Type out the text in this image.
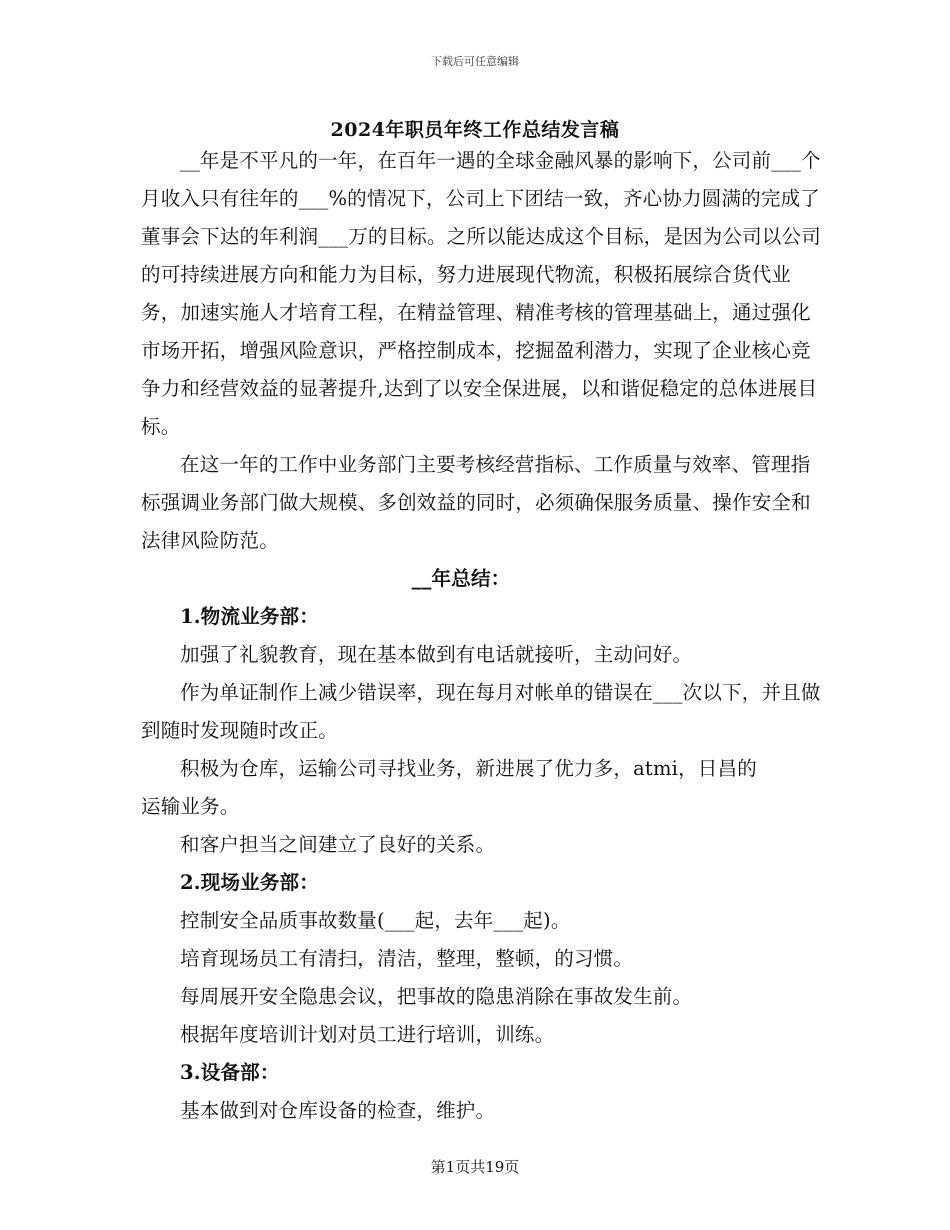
下载后可任意编辑
2024年职员年终工作总结发言稿

__年是不平凡的一年，在百年一遇的全球金融风暴的影响下，公司前___个月收入只有往年的___%的情况下，公司上下团结一致，齐心协力圆满的完成了董事会下达的年利润___万的目标。之所以能达成这个目标，是因为公司以公司的可持续进展方向和能力为目标，努力进展现代物流，积极拓展综合货代业务，加速实施人才培育工程，在精益管理、精准考核的管理基础上，通过强化市场开拓，增强风险意识，严格控制成本，挖掘盈利潜力，实现了企业核心竞争力和经营效益的显著提升,达到了以安全保进展，以和谐促稳定的总体进展目标。

在这一年的工作中业务部门主要考核经营指标、工作质量与效率、管理指标强调业务部门做大规模、多创效益的同时，必须确保服务质量、操作安全和法律风险防范。

__年总结：

1.物流业务部：

加强了礼貌教育，现在基本做到有电话就接听，主动问好。

作为单证制作上减少错误率，现在每月对帐单的错误在___次以下，并且做到随时发现随时改正。

积极为仓库，运输公司寻找业务，新进展了优力多，atmi，日昌的运输业务。

和客户担当之间建立了良好的关系。

2.现场业务部：

控制安全品质事故数量(___起，去年___起)。

培育现场员工有清扫，清洁，整理，整顿，的习惯。

每周展开安全隐患会议，把事故的隐患消除在事故发生前。

根据年度培训计划对员工进行培训，训练。

3.设备部：

基本做到对仓库设备的检查，维护。

第1页共19页
